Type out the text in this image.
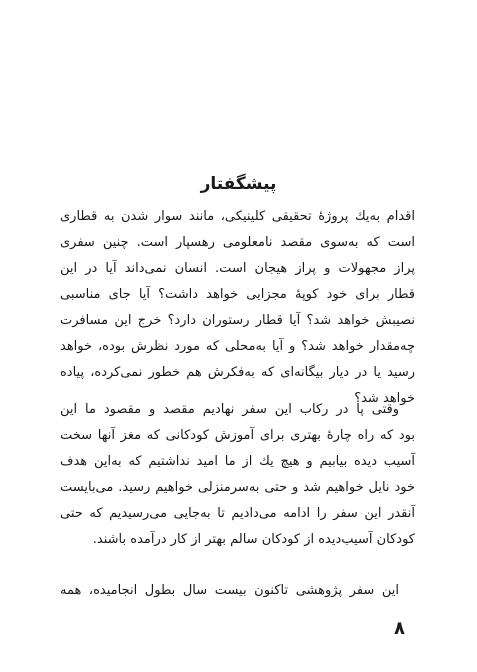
پیشگفتار
اقدام به‌یك پروژۀ تحقیقی کلینیکی، مانند سوار شدن به قطاری
است که به‌سوی مقصد نامعلومی رهسپار است. چنین سفری
پراز مجهولات و پراز هیجان است. انسان نمی‌داند آیا در این
قطار برای خود کوپۀ مجزایی خواهد داشت؟ آیا جای مناسبی
نصیبش خواهد شد؟ آیا قطار رستوران دارد؟ خرج این مسافرت
چه‌مقدار خواهد شد؟ و آیا به‌محلی که مورد نظرش بوده، خواهد
رسید یا در دیار بیگانه‌ای که به‌فکرش هم خطور نمی‌کرده، پیاده
خواهد شد؟
وقتی پا در رکاب این سفر نهادیم مقصد و مقصود ما این
بود که راه چارۀ بهتری برای آموزش کودکانی که مغز آنها سخت
آسیب دیده بیابیم و هیچ یك از ما امید نداشتیم که به‌این هدف
خود نایل خواهیم شد و حتی به‌سرمنزلی خواهیم رسید. می‌بایست
آنقدر این سفر را ادامه می‌دادیم تا به‌جایی می‌رسیدیم که حتی
کودکان آسیب‌دیده از کودکان سالم بهتر از کار درآمده باشند.
این سفر پژوهشی تاکنون بیست سال بطول انجامیده، همه
۸
